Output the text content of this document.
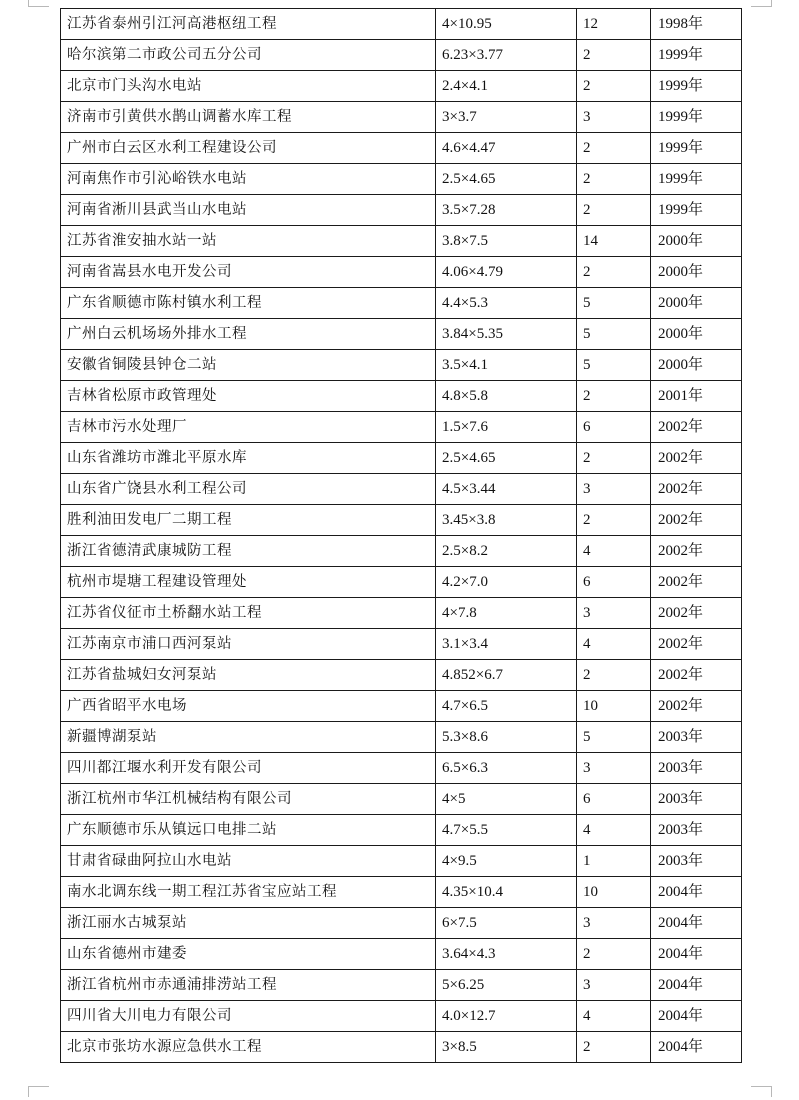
江苏省泰州引江河高港枢纽工程	4×10.95	12	1998年
哈尔滨第二市政公司五分公司	6.23×3.77	2	1999年
北京市门头沟水电站	2.4×4.1	2	1999年
济南市引黄供水鹊山调蓄水库工程	3×3.7	3	1999年
广州市白云区水利工程建设公司	4.6×4.47	2	1999年
河南焦作市引沁峪铁水电站	2.5×4.65	2	1999年
河南省淅川县武当山水电站	3.5×7.28	2	1999年
江苏省淮安抽水站一站	3.8×7.5	14	2000年
河南省嵩县水电开发公司	4.06×4.79	2	2000年
广东省顺德市陈村镇水利工程	4.4×5.3	5	2000年
广州白云机场场外排水工程	3.84×5.35	5	2000年
安徽省铜陵县钟仓二站	3.5×4.1	5	2000年
吉林省松原市政管理处	4.8×5.8	2	2001年
吉林市污水处理厂	1.5×7.6	6	2002年
山东省潍坊市潍北平原水库	2.5×4.65	2	2002年
山东省广饶县水利工程公司	4.5×3.44	3	2002年
胜利油田发电厂二期工程	3.45×3.8	2	2002年
浙江省德清武康城防工程	2.5×8.2	4	2002年
杭州市堤塘工程建设管理处	4.2×7.0	6	2002年
江苏省仪征市土桥翻水站工程	4×7.8	3	2002年
江苏南京市浦口西河泵站	3.1×3.4	4	2002年
江苏省盐城妇女河泵站	4.852×6.7	2	2002年
广西省昭平水电场	4.7×6.5	10	2002年
新疆博湖泵站	5.3×8.6	5	2003年
四川都江堰水利开发有限公司	6.5×6.3	3	2003年
浙江杭州市华江机械结构有限公司	4×5	6	2003年
广东顺德市乐从镇远口电排二站	4.7×5.5	4	2003年
甘肃省碌曲阿拉山水电站	4×9.5	1	2003年
南水北调东线一期工程江苏省宝应站工程	4.35×10.4	10	2004年
浙江丽水古城泵站	6×7.5	3	2004年
山东省德州市建委	3.64×4.3	2	2004年
浙江省杭州市赤通浦排涝站工程	5×6.25	3	2004年
四川省大川电力有限公司	4.0×12.7	4	2004年
北京市张坊水源应急供水工程	3×8.5	2	2004年
